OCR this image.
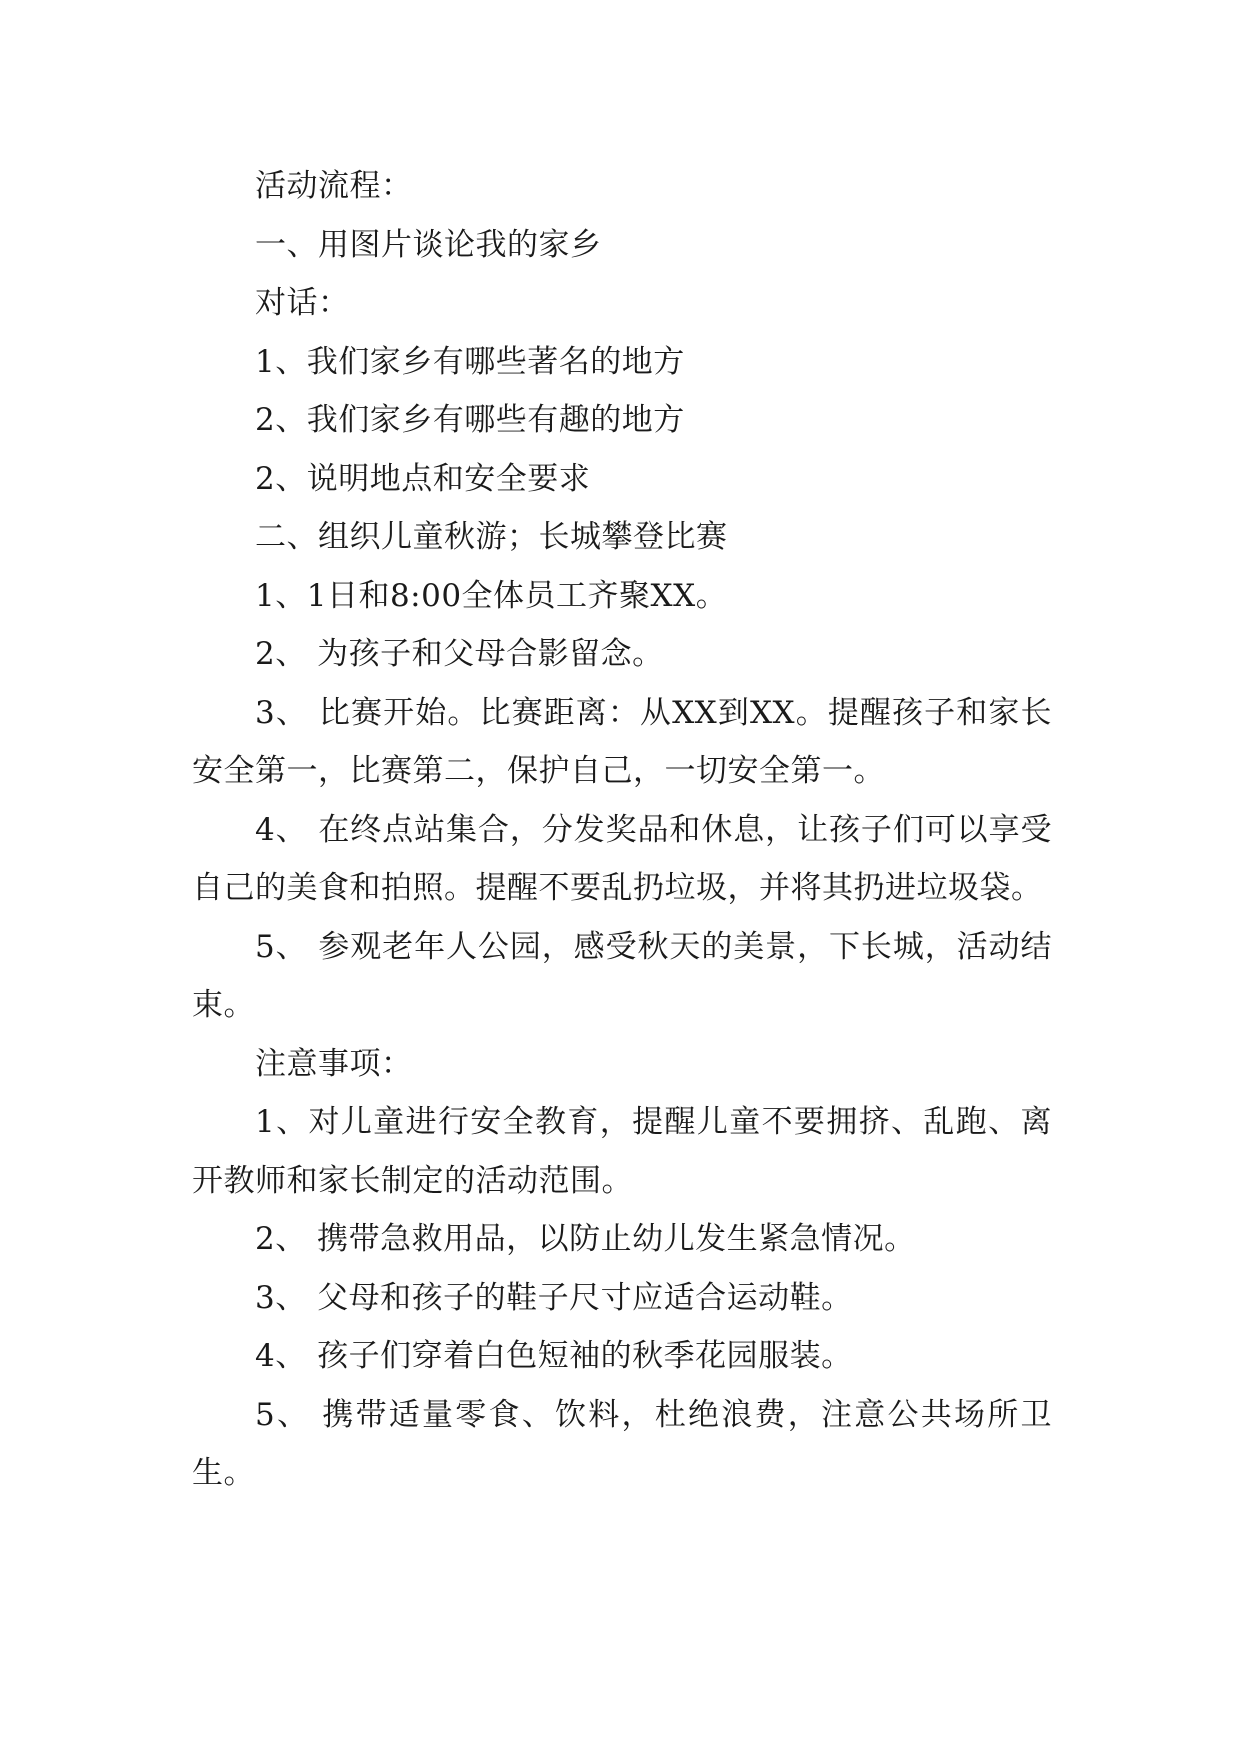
活动流程：

一、用图片谈论我的家乡

对话：

1、我们家乡有哪些著名的地方

2、我们家乡有哪些有趣的地方

2、说明地点和安全要求

二、组织儿童秋游；长城攀登比赛

1、1日和8:00全体员工齐聚XX。

2、 为孩子和父母合影留念。

3、 比赛开始。比赛距离：从XX到XX。提醒孩子和家长安全第一，比赛第二，保护自己，一切安全第一。

4、 在终点站集合，分发奖品和休息，让孩子们可以享受自己的美食和拍照。提醒不要乱扔垃圾，并将其扔进垃圾袋。

5、 参观老年人公园，感受秋天的美景，下长城，活动结束。

注意事项：

1、对儿童进行安全教育，提醒儿童不要拥挤、乱跑、离开教师和家长制定的活动范围。

2、 携带急救用品，以防止幼儿发生紧急情况。

3、 父母和孩子的鞋子尺寸应适合运动鞋。

4、 孩子们穿着白色短袖的秋季花园服装。

5、 携带适量零食、饮料，杜绝浪费，注意公共场所卫生。
